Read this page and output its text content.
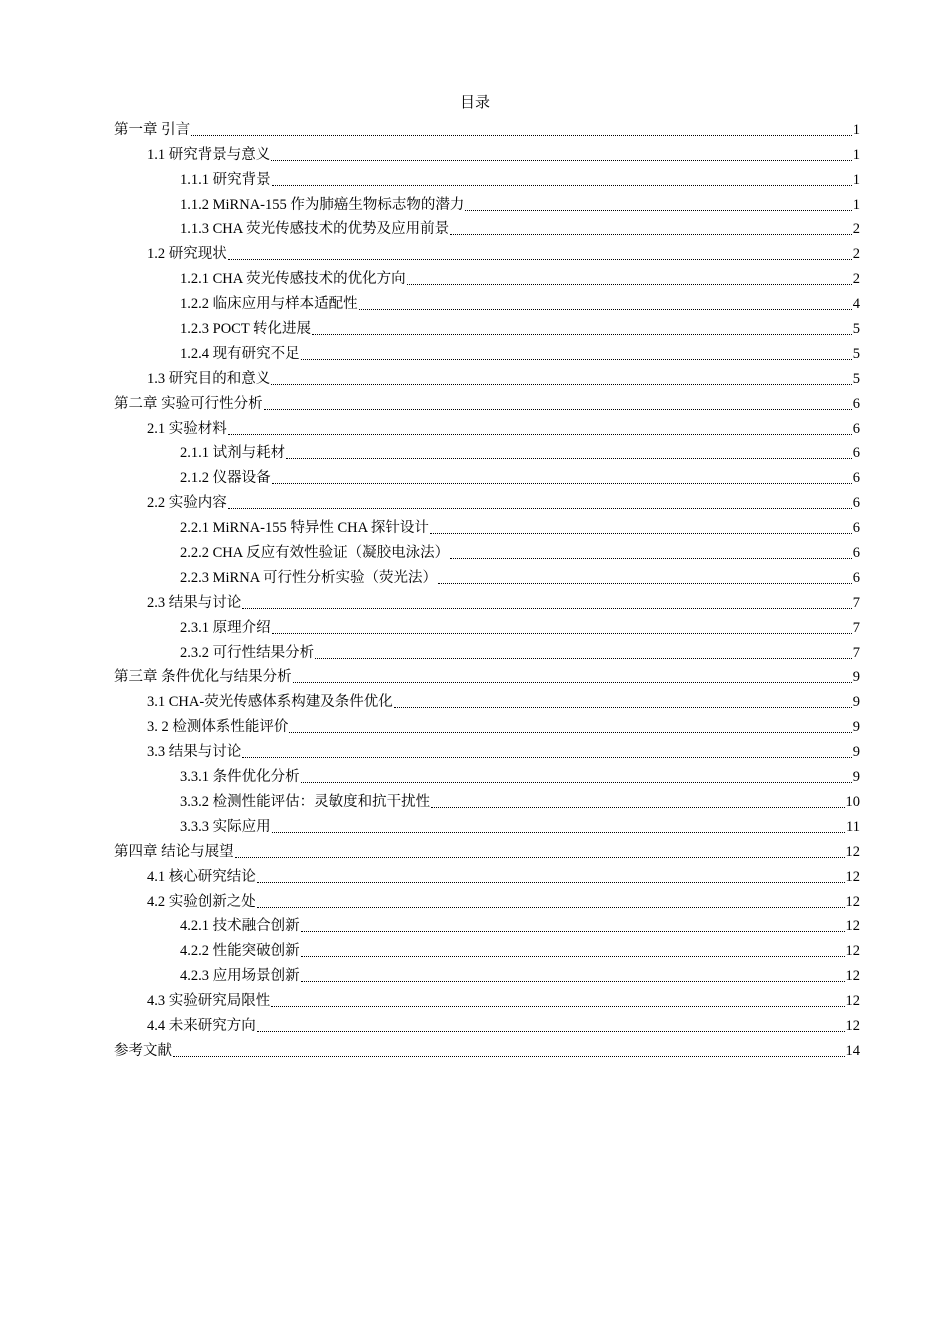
目录
第一章 引言	1
1.1 研究背景与意义	1
1.1.1 研究背景	1
1.1.2 MiRNA-155 作为肺癌生物标志物的潜力	1
1.1.3 CHA 荧光传感技术的优势及应用前景	2
1.2 研究现状	2
1.2.1 CHA 荧光传感技术的优化方向	2
1.2.2 临床应用与样本适配性	4
1.2.3 POCT 转化进展	5
1.2.4 现有研究不足	5
1.3 研究目的和意义	5
第二章 实验可行性分析	6
2.1 实验材料	6
2.1.1 试剂与耗材	6
2.1.2 仪器设备	6
2.2 实验内容	6
2.2.1 MiRNA-155 特异性 CHA 探针设计	6
2.2.2 CHA 反应有效性验证（凝胶电泳法）	6
2.2.3 MiRNA 可行性分析实验（荧光法）	6
2.3 结果与讨论	7
2.3.1 原理介绍	7
2.3.2 可行性结果分析	7
第三章 条件优化与结果分析	9
3.1 CHA-荧光传感体系构建及条件优化	9
3. 2 检测体系性能评价	9
3.3 结果与讨论	9
3.3.1 条件优化分析	9
3.3.2 检测性能评估：灵敏度和抗干扰性	10
3.3.3 实际应用	11
第四章 结论与展望	12
4.1 核心研究结论	12
4.2 实验创新之处	12
4.2.1 技术融合创新	12
4.2.2 性能突破创新	12
4.2.3 应用场景创新	12
4.3 实验研究局限性	12
4.4 未来研究方向	12
参考文献	14
